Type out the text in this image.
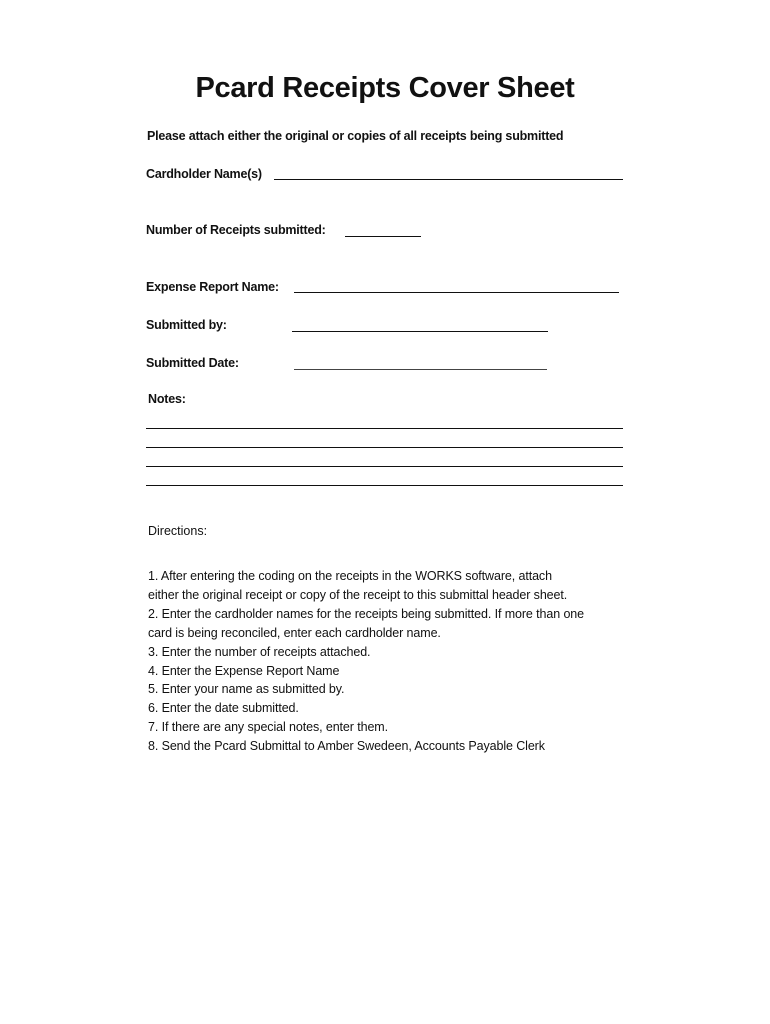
Pcard Receipts Cover Sheet
Please attach either the original or copies of all receipts being submitted
Cardholder Name(s)
Number of Receipts submitted:
Expense Report Name:
Submitted by:
Submitted Date:
Notes:
Directions:
1. After entering the coding on the receipts in the WORKS software, attach
either the original receipt or copy of the receipt to this submittal header sheet.
2. Enter the cardholder names for the receipts being submitted. If more than one
card is being reconciled, enter each cardholder name.
3. Enter the number of receipts attached.
4. Enter the Expense Report Name
5. Enter your name as submitted by.
6. Enter the date submitted.
7. If there are any special notes, enter them.
8. Send the Pcard Submittal to Amber Swedeen, Accounts Payable Clerk
